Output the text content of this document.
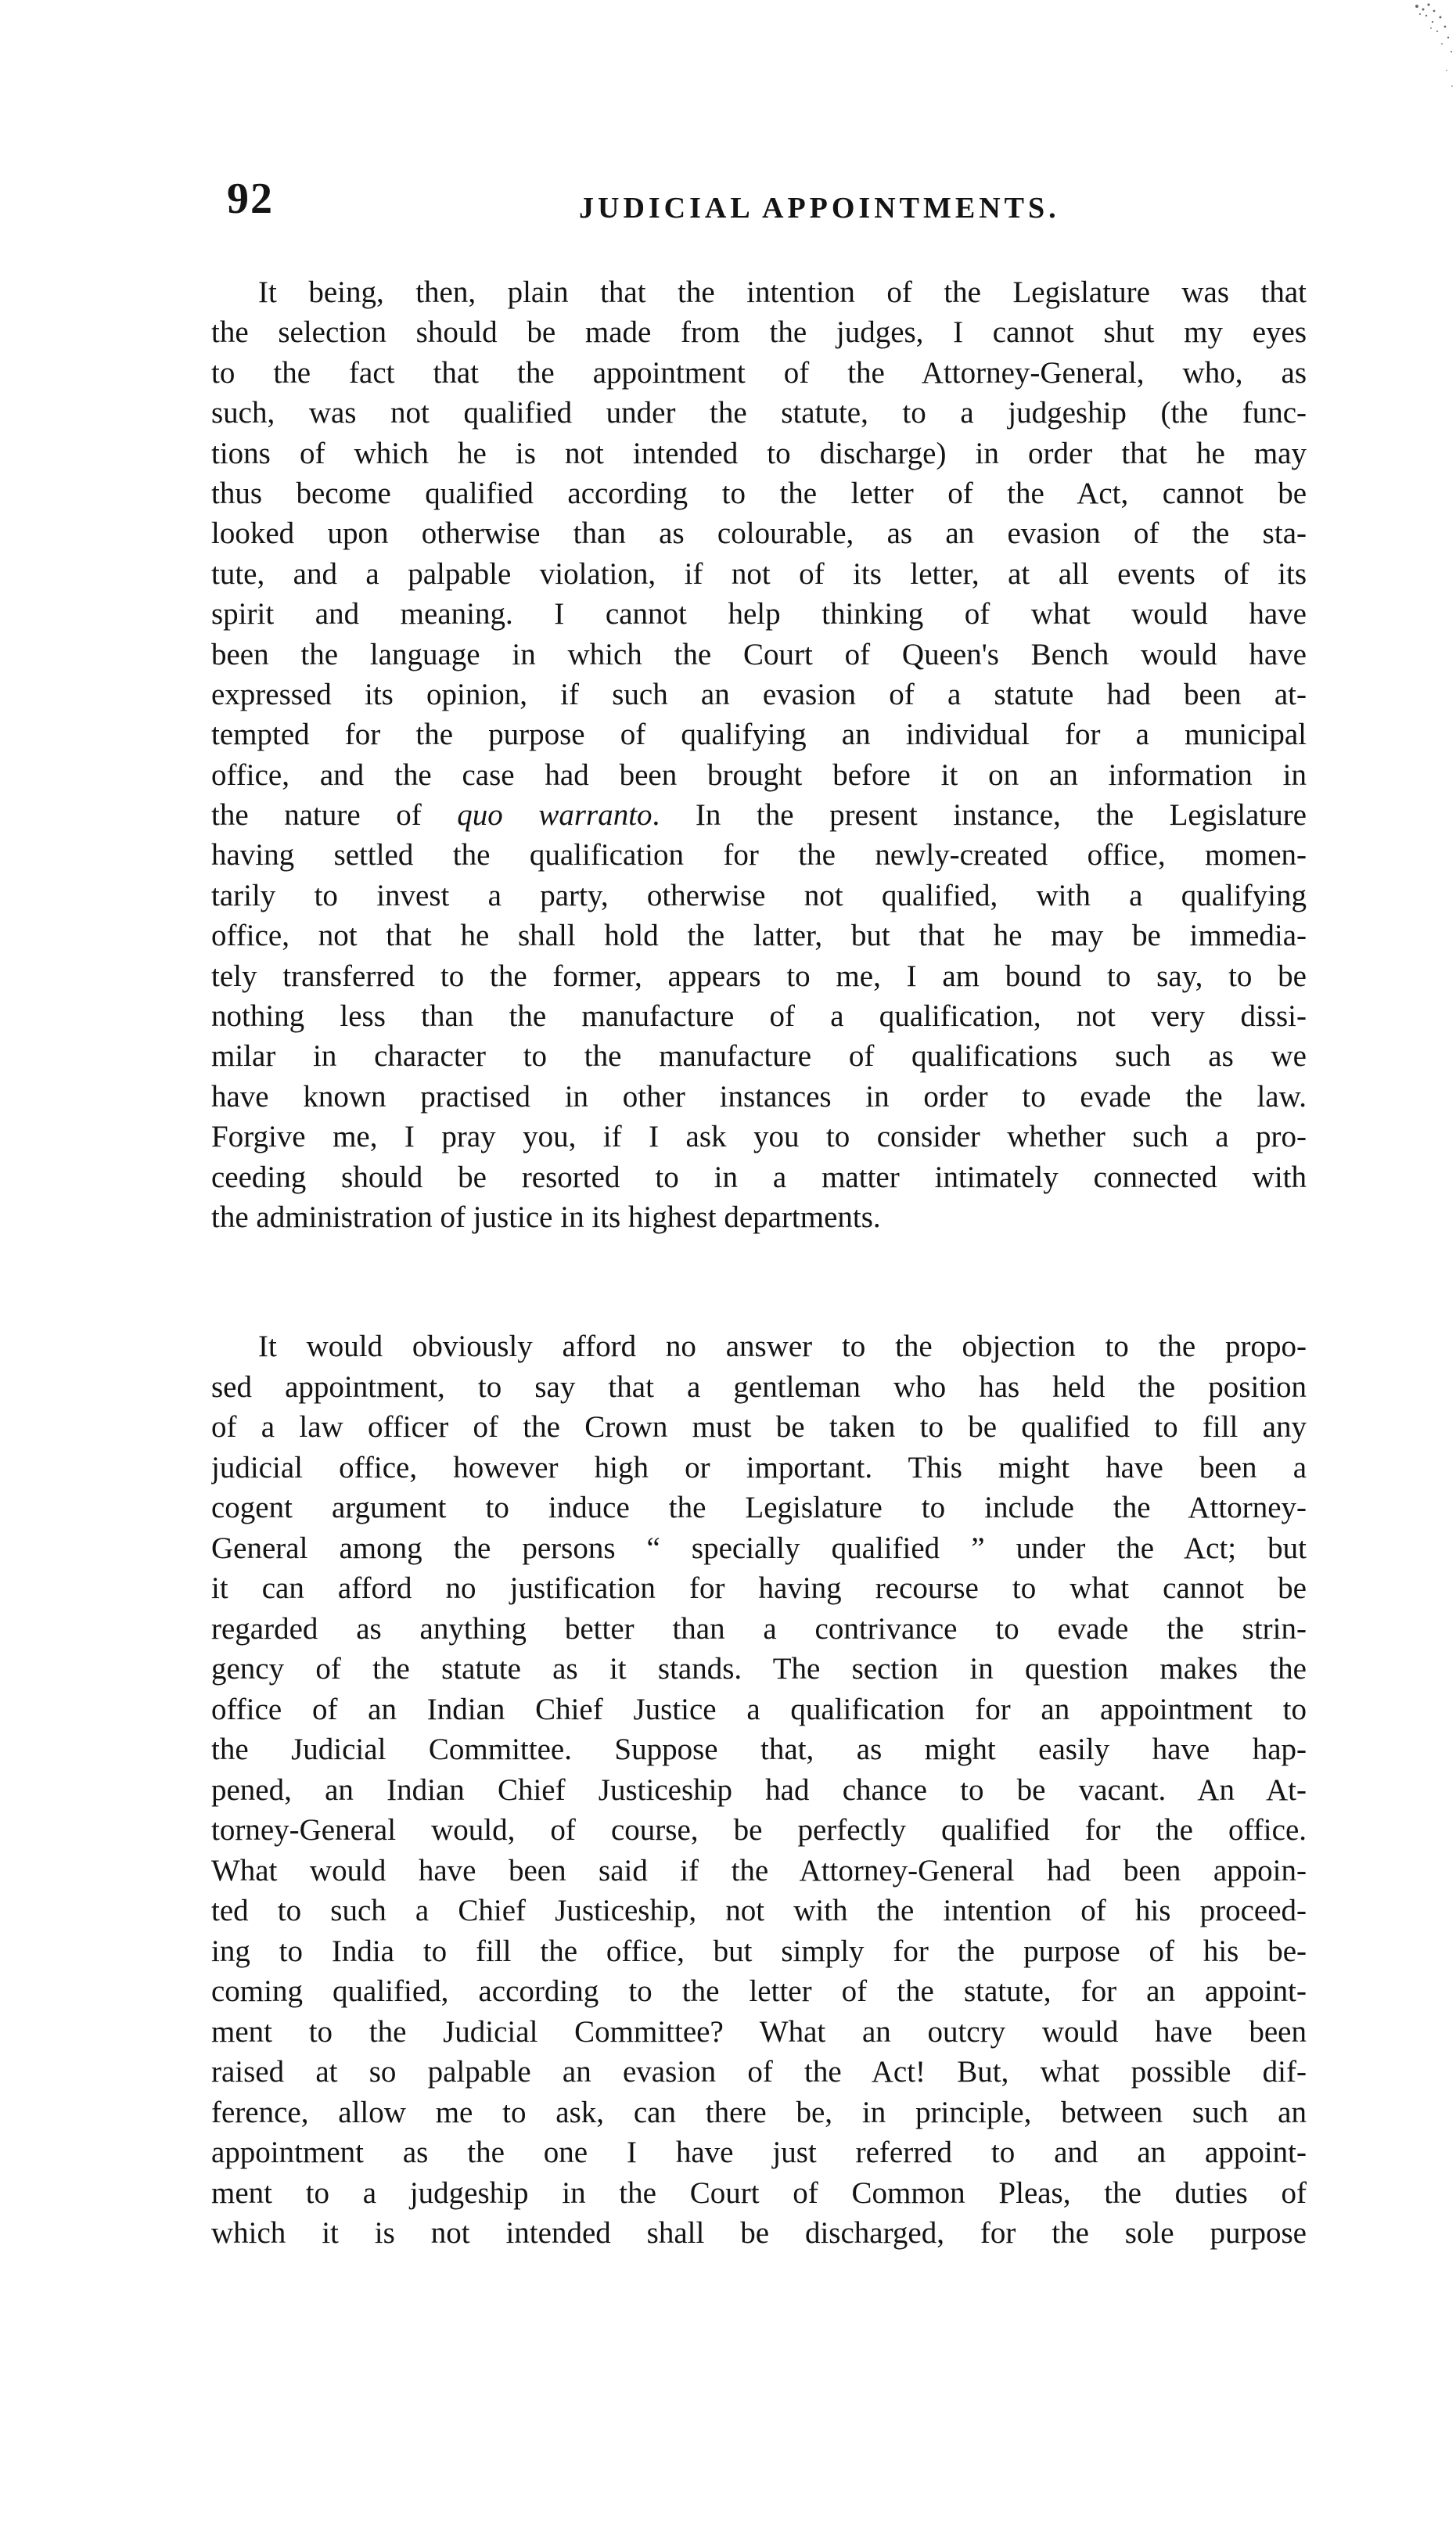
92	JUDICIAL APPOINTMENTS.
It being, then, plain that the intention of the Legislature was that
the selection should be made from the judges, I cannot shut my eyes
to the fact that the appointment of the Attorney-General, who, as
such, was not qualified under the statute, to a judgeship (the func-
tions of which he is not intended to discharge) in order that he may
thus become qualified according to the letter of the Act, cannot be
looked upon otherwise than as colourable, as an evasion of the sta-
tute, and a palpable violation, if not of its letter, at all events of its
spirit and meaning. I cannot help thinking of what would have
been the language in which the Court of Queen's Bench would have
expressed its opinion, if such an evasion of a statute had been at-
tempted for the purpose of qualifying an individual for a municipal
office, and the case had been brought before it on an information in
the nature of quo warranto. In the present instance, the Legislature
having settled the qualification for the newly-created office, momen-
tarily to invest a party, otherwise not qualified, with a qualifying
office, not that he shall hold the latter, but that he may be immedia-
tely transferred to the former, appears to me, I am bound to say, to be
nothing less than the manufacture of a qualification, not very dissi-
milar in character to the manufacture of qualifications such as we
have known practised in other instances in order to evade the law.
Forgive me, I pray you, if I ask you to consider whether such a pro-
ceeding should be resorted to in a matter intimately connected with
the administration of justice in its highest departments.
It would obviously afford no answer to the objection to the propo-
sed appointment, to say that a gentleman who has held the position
of a law officer of the Crown must be taken to be qualified to fill any
judicial office, however high or important. This might have been a
cogent argument to induce the Legislature to include the Attorney-
General among the persons “ specially qualified ” under the Act; but
it can afford no justification for having recourse to what cannot be
regarded as anything better than a contrivance to evade the strin-
gency of the statute as it stands. The section in question makes the
office of an Indian Chief Justice a qualification for an appointment to
the Judicial Committee. Suppose that, as might easily have hap-
pened, an Indian Chief Justiceship had chance to be vacant. An At-
torney-General would, of course, be perfectly qualified for the office.
What would have been said if the Attorney-General had been appoin-
ted to such a Chief Justiceship, not with the intention of his proceed-
ing to India to fill the office, but simply for the purpose of his be-
coming qualified, according to the letter of the statute, for an appoint-
ment to the Judicial Committee? What an outcry would have been
raised at so palpable an evasion of the Act! But, what possible dif-
ference, allow me to ask, can there be, in principle, between such an
appointment as the one I have just referred to and an appoint-
ment to a judgeship in the Court of Common Pleas, the duties of
which it is not intended shall be discharged, for the sole purpose
